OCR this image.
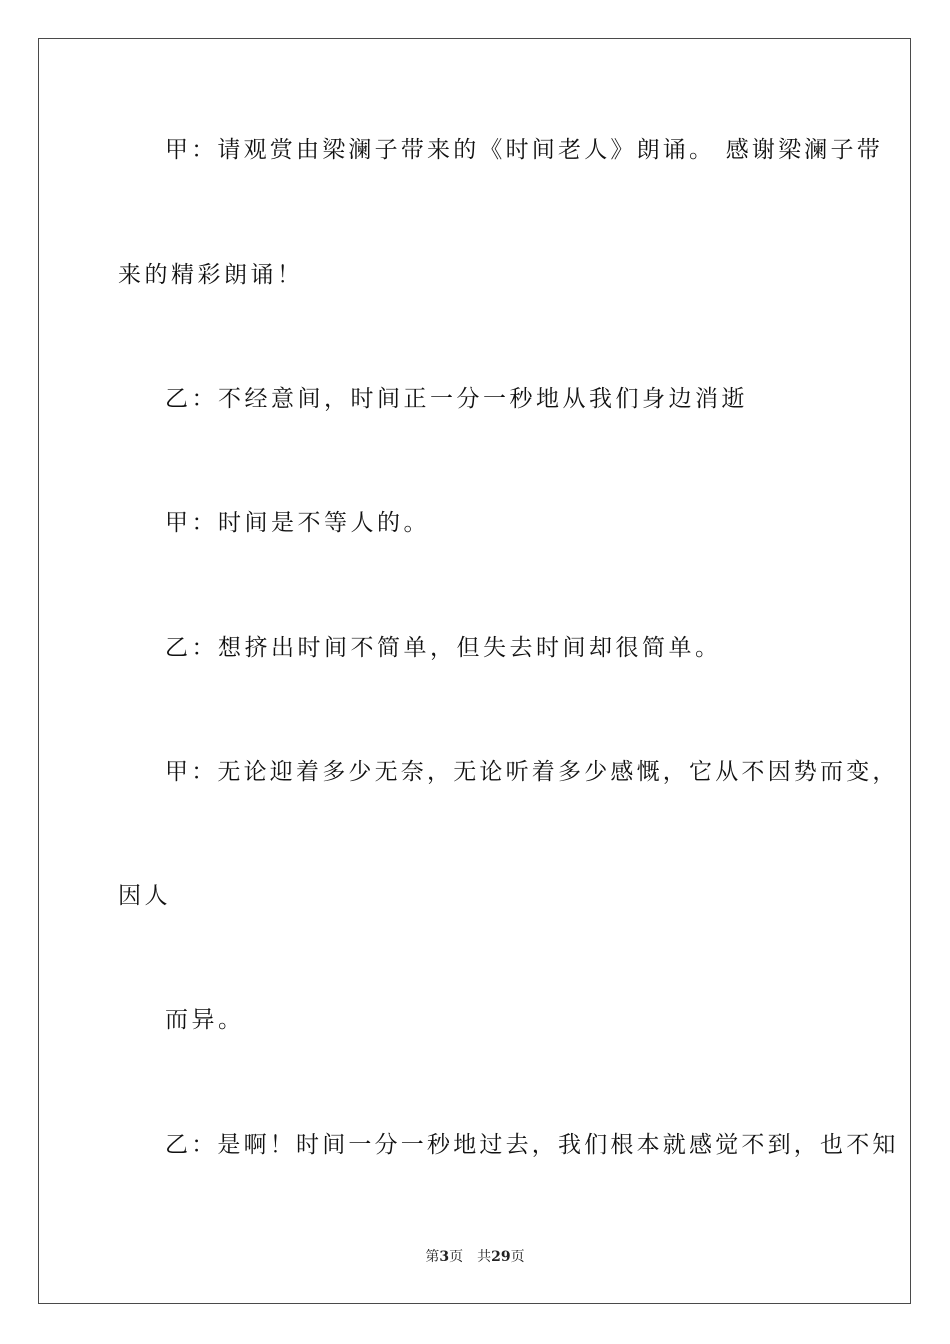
甲：请观赏由梁澜子带来的《时间老人》朗诵。 感谢梁澜子带
来的精彩朗诵！
乙：不经意间，时间正一分一秒地从我们身边消逝
甲：时间是不等人的。
乙：想挤出时间不简单，但失去时间却很简单。
甲：无论迎着多少无奈，无论听着多少感慨，它从不因势而变，
因人
而异。
乙：是啊！时间一分一秒地过去，我们根本就感觉不到，也不知
第3页 共29页
